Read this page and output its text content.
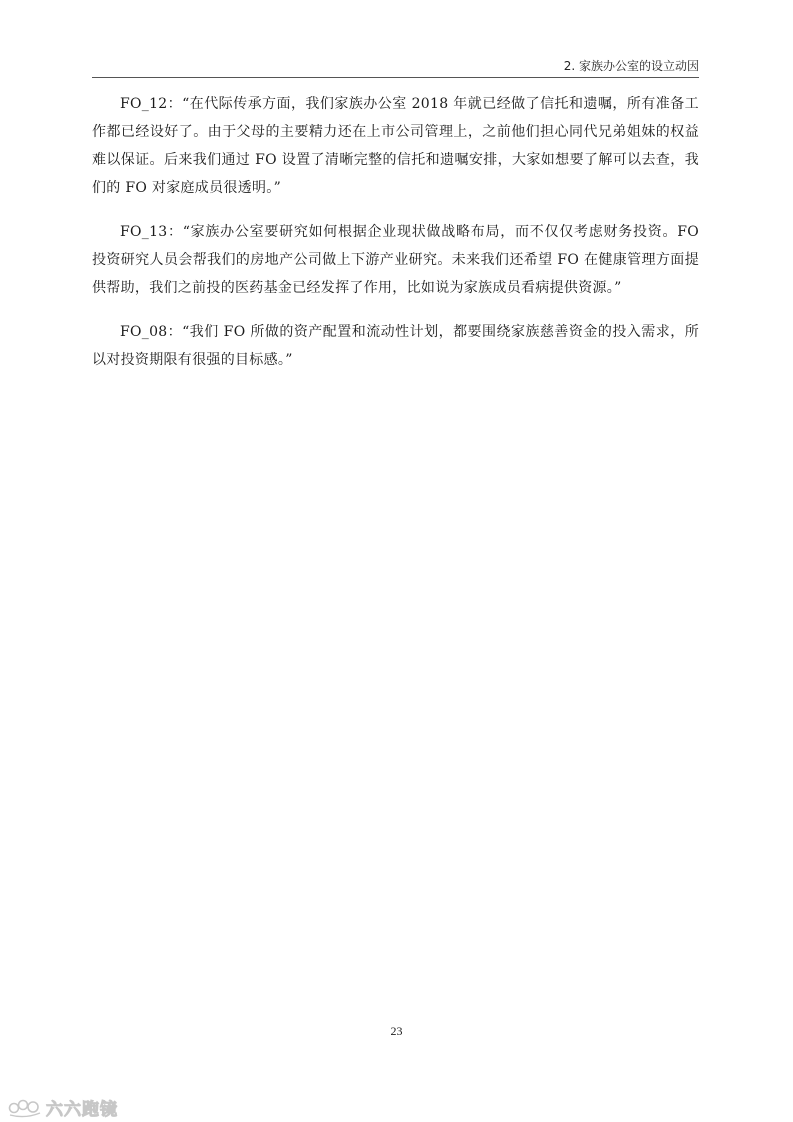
2. 家族办公室的设立动因

FO_12：“在代际传承方面，我们家族办公室 2018 年就已经做了信托和遗嘱，所有准备工作都已经设好了。由于父母的主要精力还在上市公司管理上，之前他们担心同代兄弟姐妹的权益难以保证。后来我们通过 FO 设置了清晰完整的信托和遗嘱安排，大家如想要了解可以去查，我们的 FO 对家庭成员很透明。”

FO_13：“家族办公室要研究如何根据企业现状做战略布局，而不仅仅考虑财务投资。FO 投资研究人员会帮我们的房地产公司做上下游产业研究。未来我们还希望 FO 在健康管理方面提供帮助，我们之前投的医药基金已经发挥了作用，比如说为家族成员看病提供资源。”

FO_08：“我们 FO 所做的资产配置和流动性计划，都要围绕家族慈善资金的投入需求，所以对投资期限有很强的目标感。”

23
六六跑镜
